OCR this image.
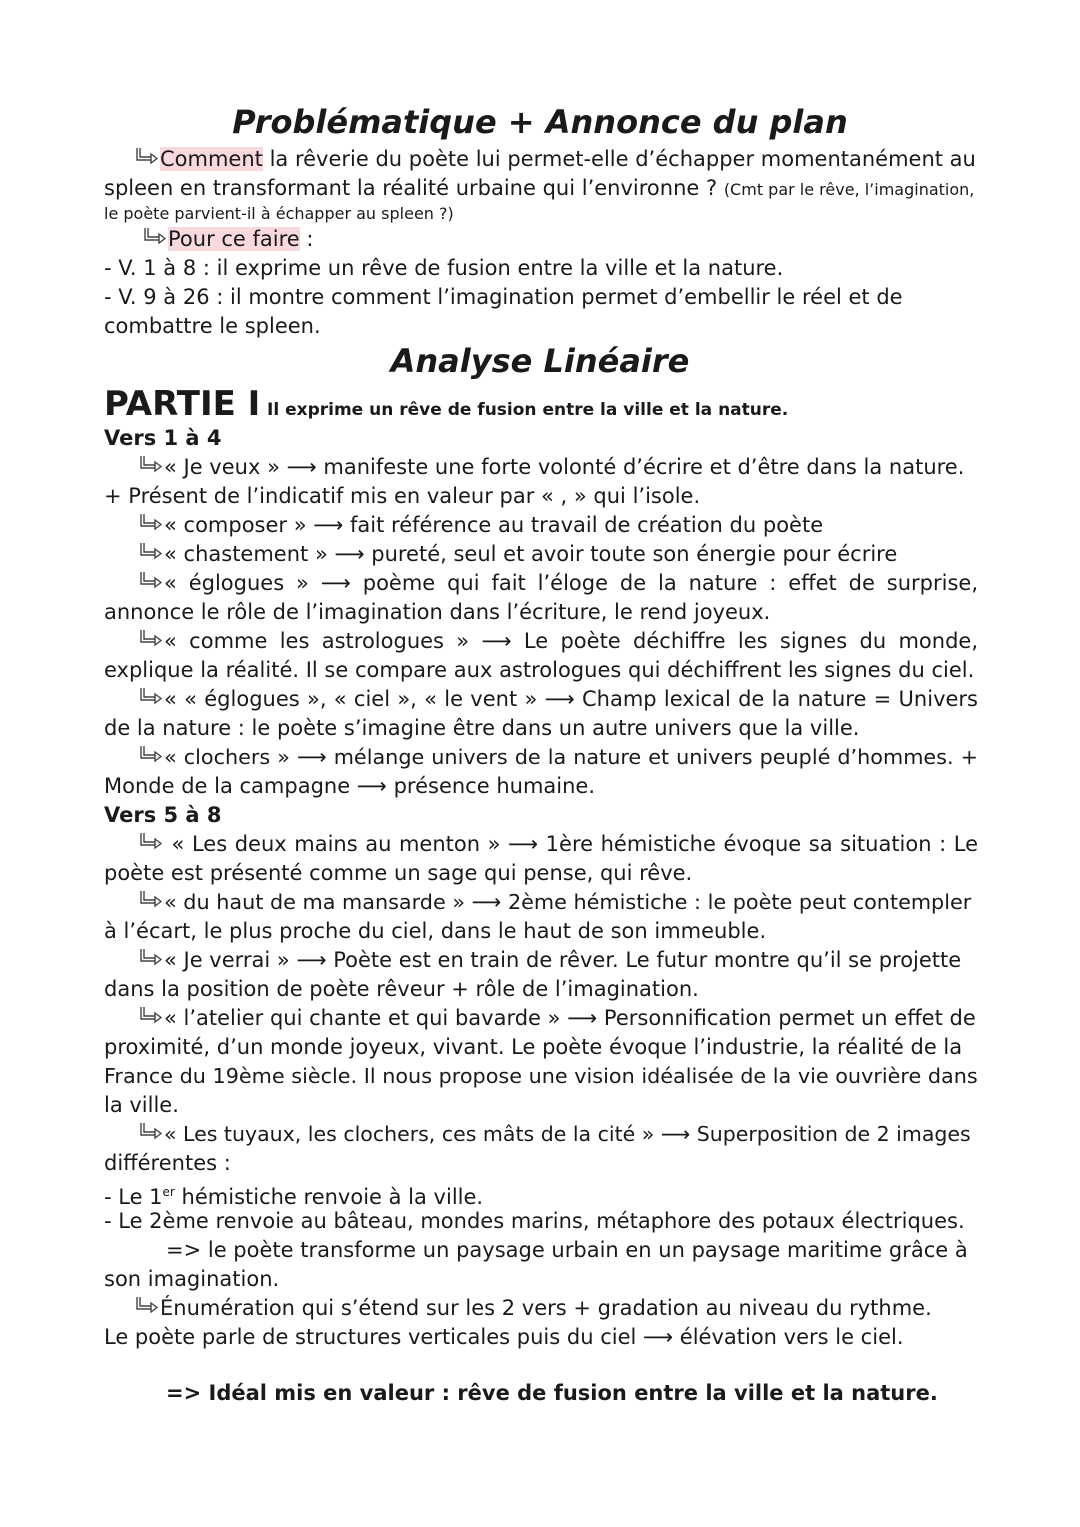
Problématique + Annonce du plan
Comment la rêverie du poète lui permet-elle d’échapper momentanément au
spleen en transformant la réalité urbaine qui l’environne ? (Cmt par le rêve, l’imagination,
le poète parvient-il à échapper au spleen ?)
Pour ce faire :
- V. 1 à 8 : il exprime un rêve de fusion entre la ville et la nature.
- V. 9 à 26 : il montre comment l’imagination permet d’embellir le réel et de
combattre le spleen.
Analyse Linéaire
PARTIE I Il exprime un rêve de fusion entre la ville et la nature.
Vers 1 à 4
« Je veux » ⟶ manifeste une forte volonté d’écrire et d’être dans la nature.
+ Présent de l’indicatif mis en valeur par « , » qui l’isole.
« composer » ⟶ fait référence au travail de création du poète
« chastement » ⟶ pureté, seul et avoir toute son énergie pour écrire
« églogues » ⟶ poème qui fait l’éloge de la nature : effet de surprise,
annonce le rôle de l’imagination dans l’écriture, le rend joyeux.
« comme les astrologues » ⟶ Le poète déchiffre les signes du monde,
explique la réalité. Il se compare aux astrologues qui déchiffrent les signes du ciel.
« « églogues », « ciel », « le vent » ⟶ Champ lexical de la nature = Univers
de la nature : le poète s’imagine être dans un autre univers que la ville.
« clochers » ⟶ mélange univers de la nature et univers peuplé d’hommes. +
Monde de la campagne ⟶ présence humaine.
Vers 5 à 8
« Les deux mains au menton » ⟶ 1ère hémistiche évoque sa situation : Le
poète est présenté comme un sage qui pense, qui rêve.
« du haut de ma mansarde » ⟶ 2ème hémistiche : le poète peut contempler
à l’écart, le plus proche du ciel, dans le haut de son immeuble.
« Je verrai » ⟶ Poète est en train de rêver. Le futur montre qu’il se projette
dans la position de poète rêveur + rôle de l’imagination.
« l’atelier qui chante et qui bavarde » ⟶ Personnification permet un effet de
proximité, d’un monde joyeux, vivant. Le poète évoque l’industrie, la réalité de la
France du 19ème siècle. Il nous propose une vision idéalisée de la vie ouvrière dans
la ville.
« Les tuyaux, les clochers, ces mâts de la cité » ⟶ Superposition de 2 images
différentes :
- Le 1er hémistiche renvoie à la ville.
- Le 2ème renvoie au bâteau, mondes marins, métaphore des potaux électriques.
=> le poète transforme un paysage urbain en un paysage maritime grâce à
son imagination.
Énumération qui s’étend sur les 2 vers + gradation au niveau du rythme.
Le poète parle de structures verticales puis du ciel ⟶ élévation vers le ciel.
=> Idéal mis en valeur : rêve de fusion entre la ville et la nature.
